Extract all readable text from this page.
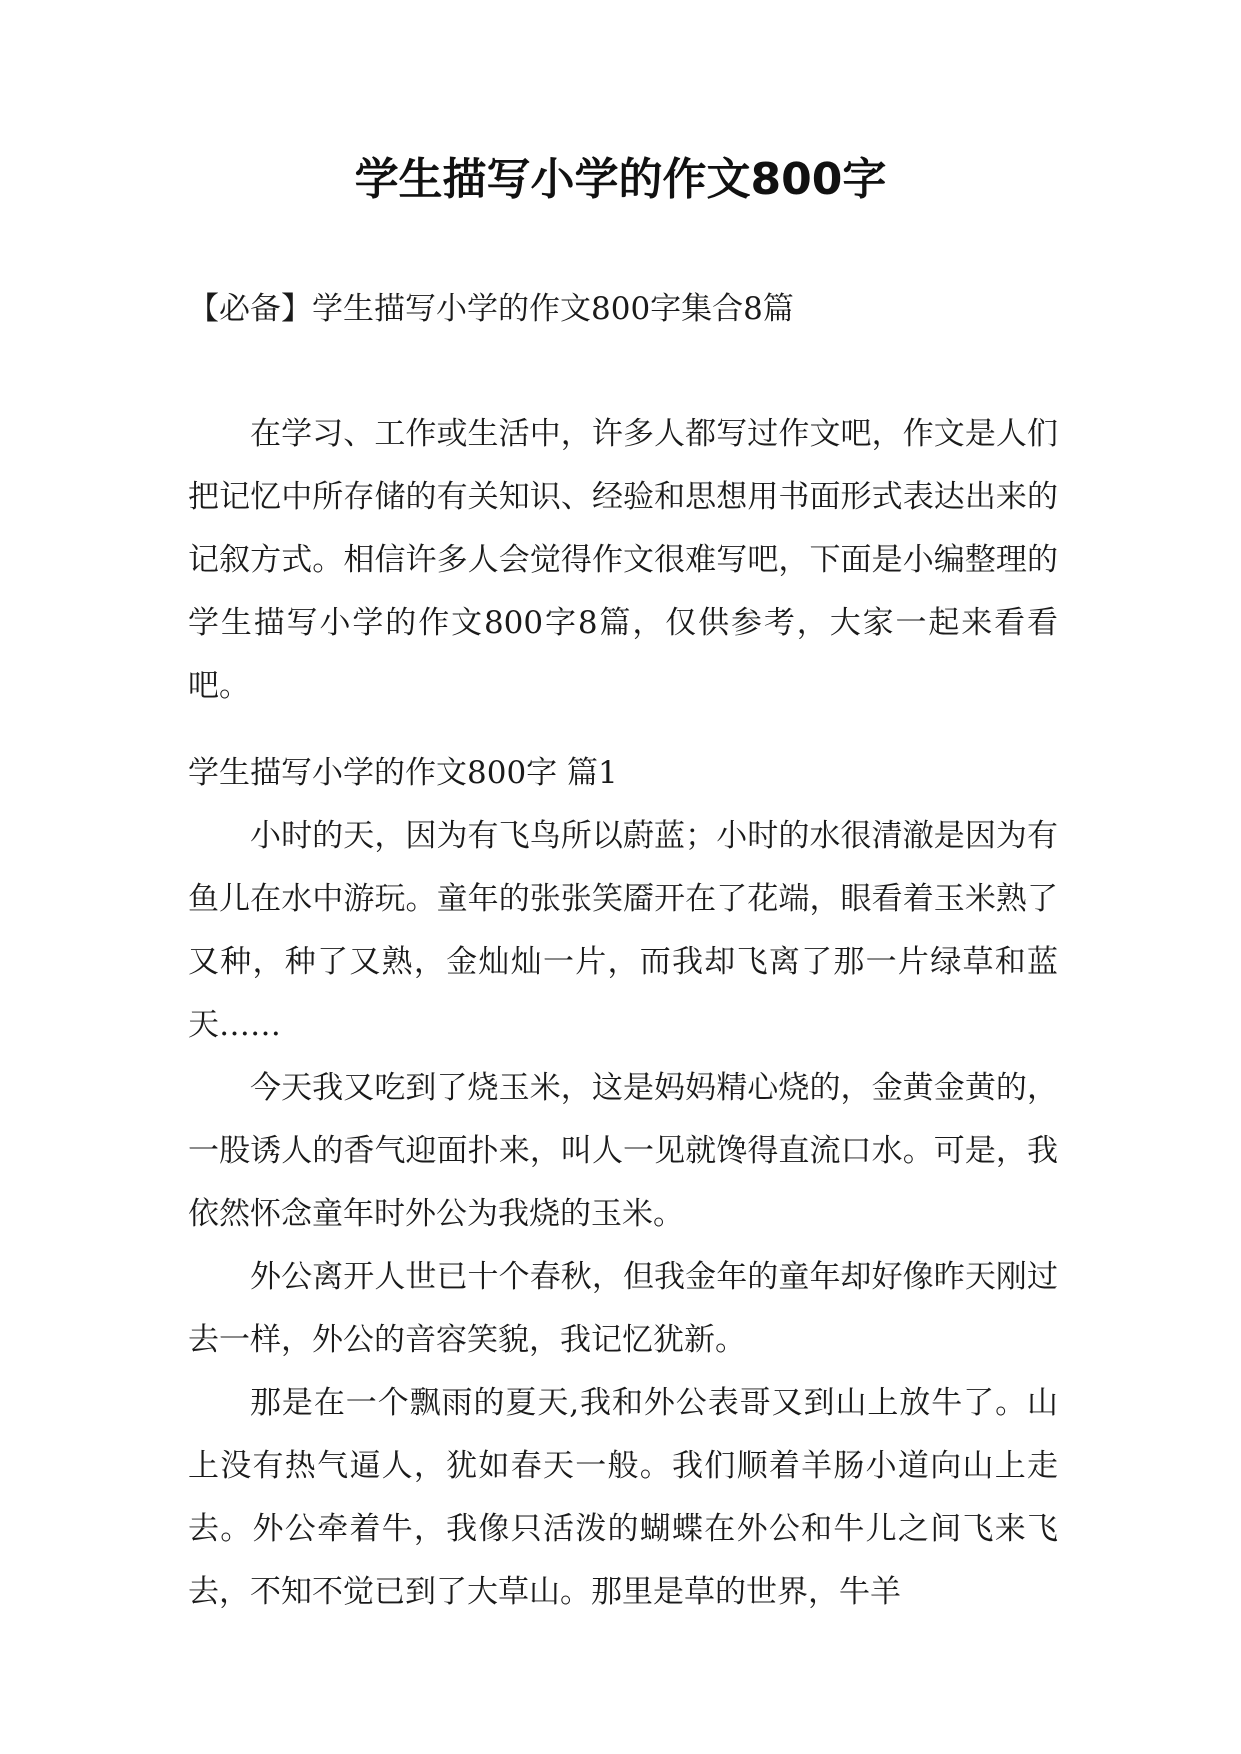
学生描写小学的作文800字

【必备】学生描写小学的作文800字集合8篇

在学习、工作或生活中，许多人都写过作文吧，作文是人们把记忆中所存储的有关知识、经验和思想用书面形式表达出来的记叙方式。相信许多人会觉得作文很难写吧，下面是小编整理的学生描写小学的作文800字8篇，仅供参考，大家一起来看看吧。

学生描写小学的作文800字 篇1

小时的天，因为有飞鸟所以蔚蓝；小时的水很清澈是因为有鱼儿在水中游玩。童年的张张笑靥开在了花端，眼看着玉米熟了又种，种了又熟，金灿灿一片，而我却飞离了那一片绿草和蓝天……

今天我又吃到了烧玉米，这是妈妈精心烧的，金黄金黄的，一股诱人的香气迎面扑来，叫人一见就馋得直流口水。可是，我依然怀念童年时外公为我烧的玉米。

外公离开人世已十个春秋，但我金年的童年却好像昨天刚过去一样，外公的音容笑貌，我记忆犹新。

那是在一个飘雨的夏天,我和外公表哥又到山上放牛了。山上没有热气逼人，犹如春天一般。我们顺着羊肠小道向山上走去。外公牵着牛，我像只活泼的蝴蝶在外公和牛儿之间飞来飞去，不知不觉已到了大草山。那里是草的世界，牛羊
